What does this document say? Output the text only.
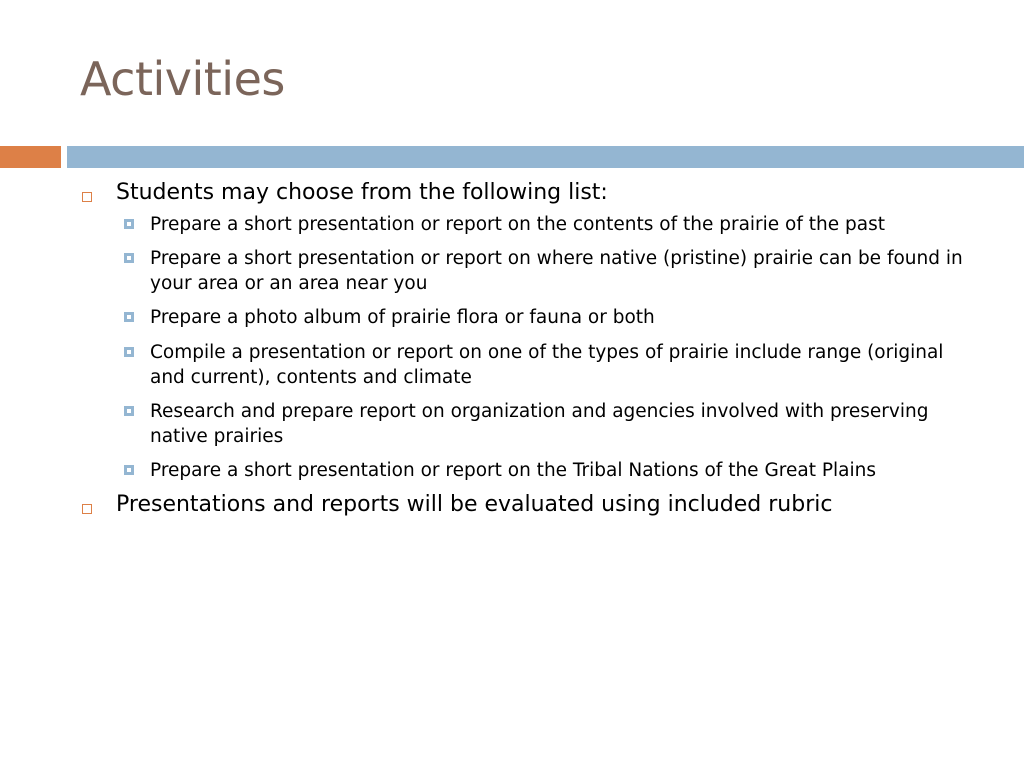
Activities
Students may choose from the following list:
Prepare a short presentation or report on the contents of the prairie of the past
Prepare a short presentation or report on where native (pristine) prairie can be found in your area or an area near you
Prepare a photo album of prairie flora or fauna or both
Compile a presentation or report on one of the types of prairie include range (original and current), contents and climate
Research and prepare report on organization and agencies involved with preserving native prairies
Prepare a short presentation or report on the Tribal Nations of the Great Plains
Presentations and reports will be evaluated using included rubric
